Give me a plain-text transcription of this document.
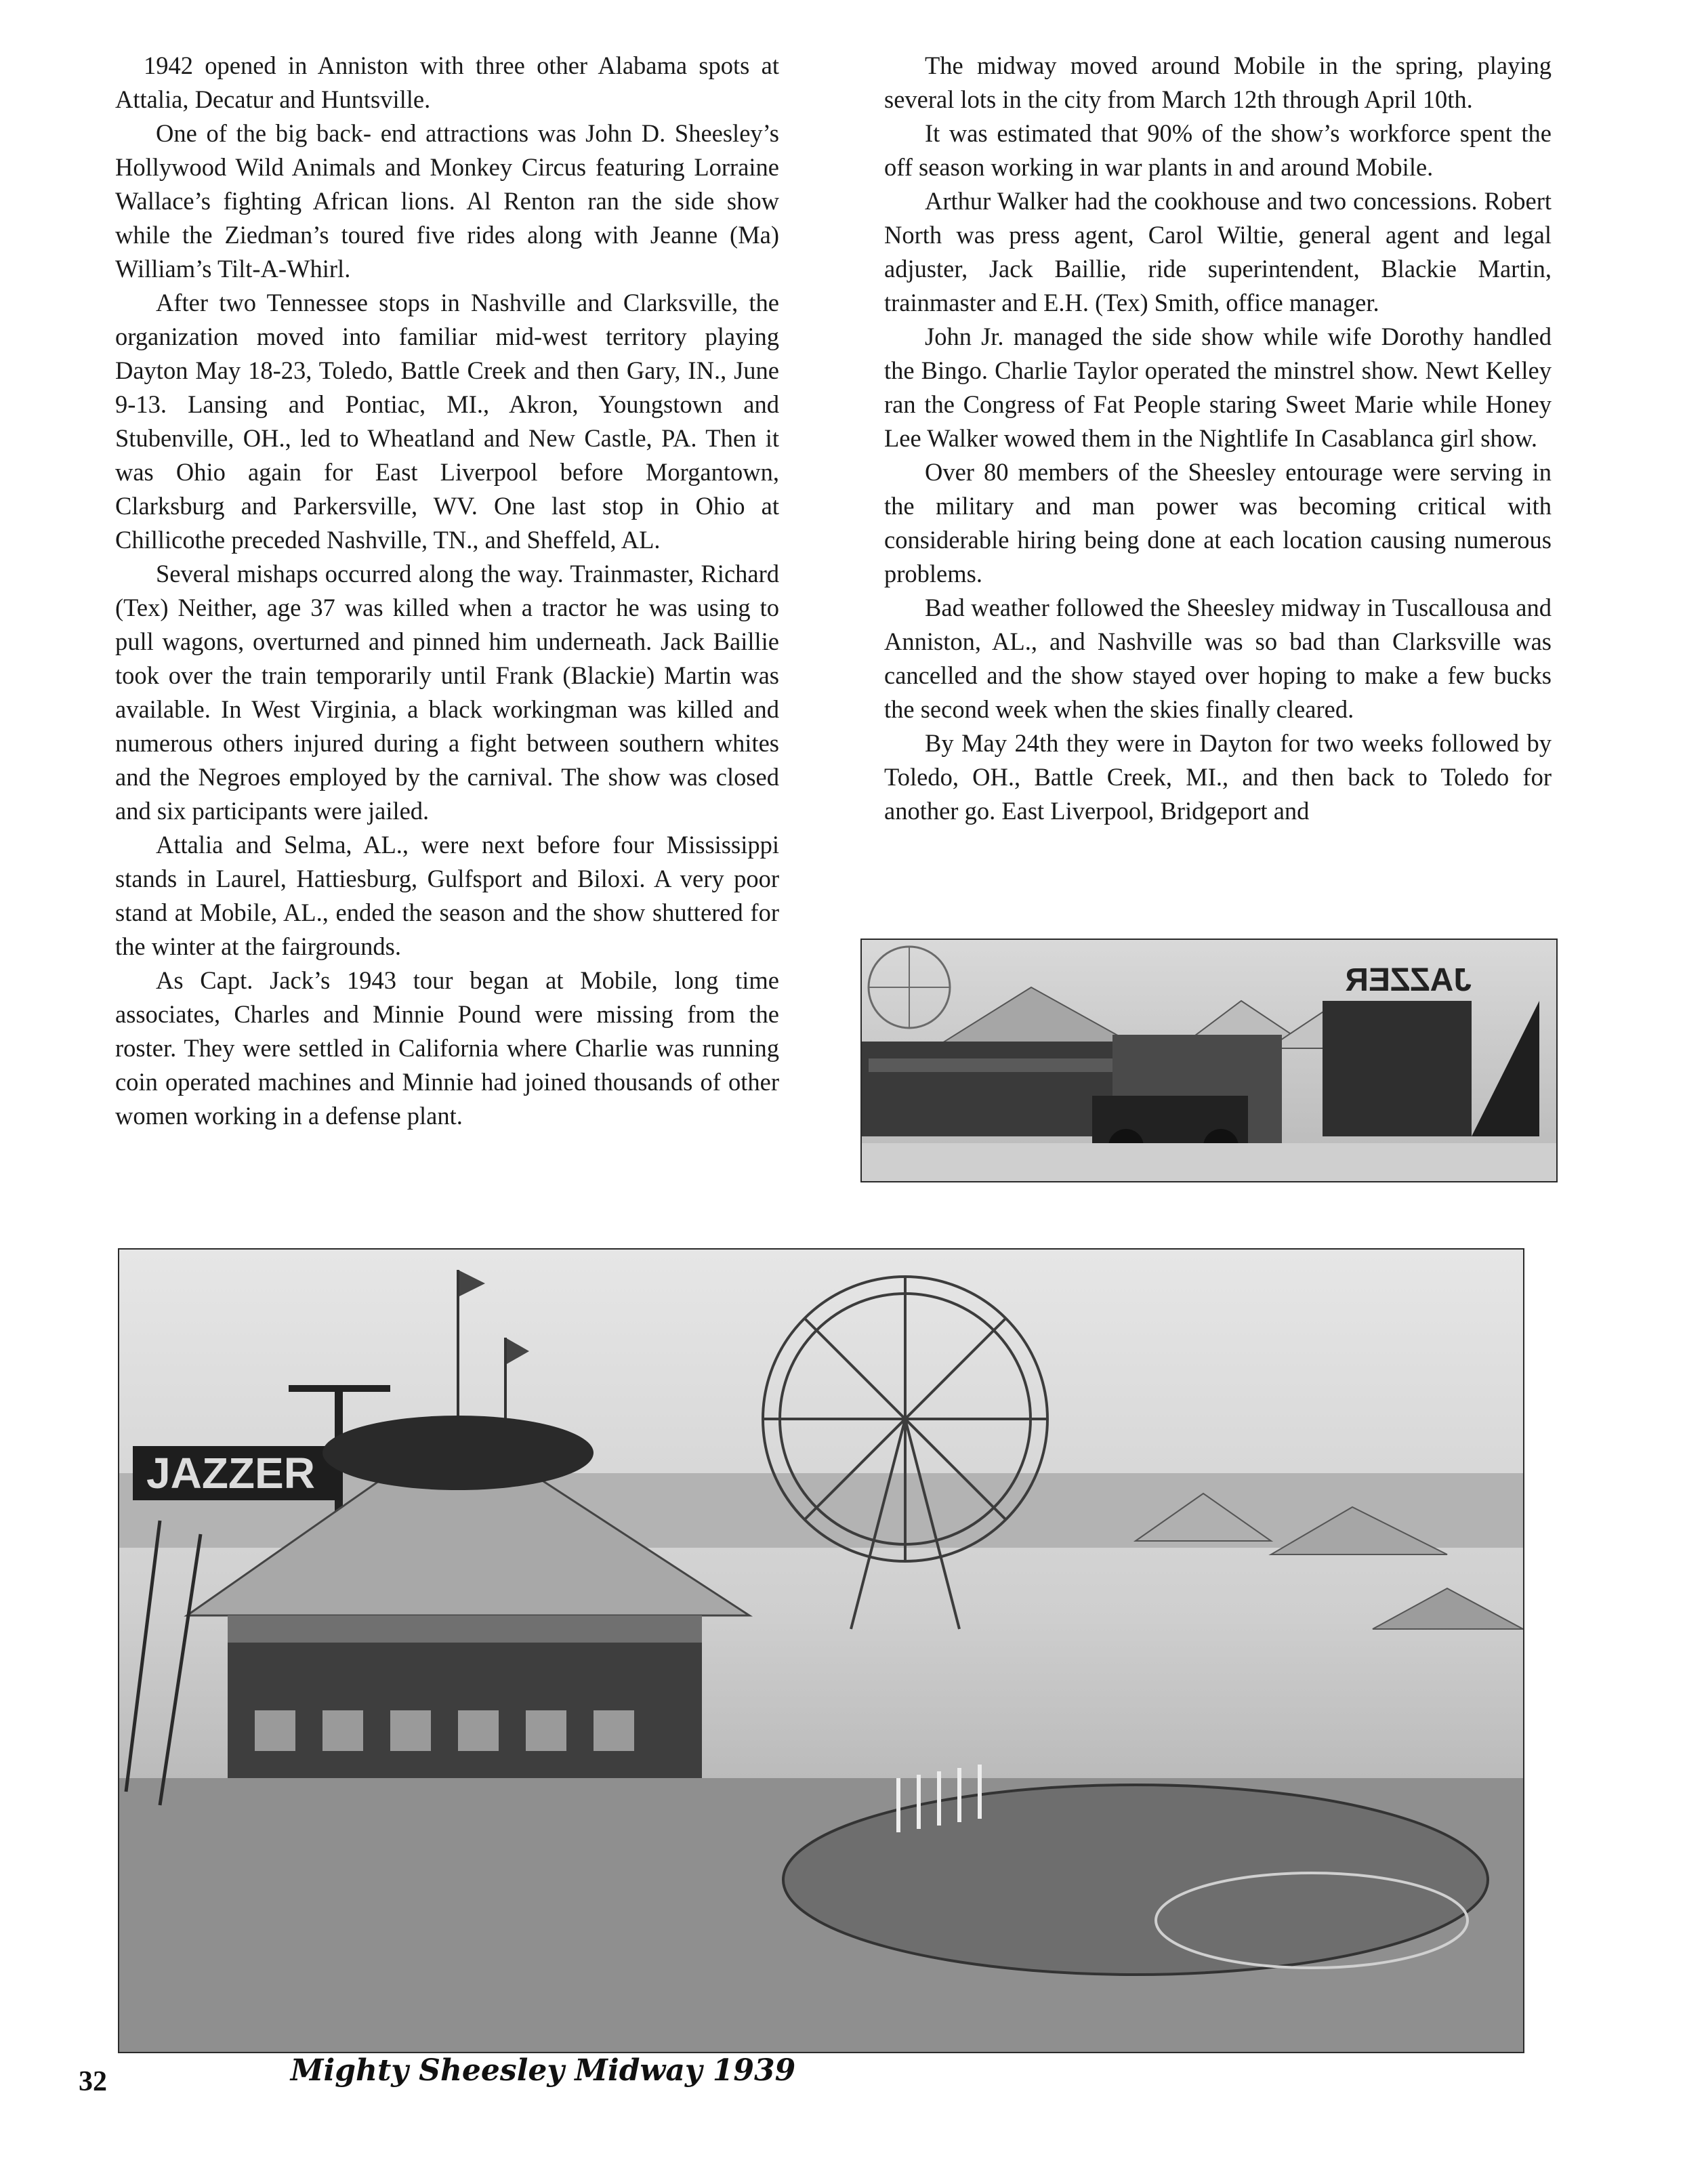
1942 opened in Anniston with three other Alabama spots at Attalia, Decatur and Huntsville.

One of the big back- end attractions was John D. Sheesley’s Hollywood Wild Animals and Monkey Circus featuring Lorraine Wallace’s fighting African lions. Al Renton ran the side show while the Ziedman’s toured five rides along with Jeanne (Ma) William’s Tilt-A-Whirl.

After two Tennessee stops in Nashville and Clarksville, the organization moved into familiar mid-west territory playing Dayton May 18-23, Toledo, Battle Creek and then Gary, IN., June 9-13. Lansing and Pontiac, MI., Akron, Youngstown and Stubenville, OH., led to Wheatland and New Castle, PA. Then it was Ohio again for East Liverpool before Morgantown, Clarksburg and Parkersville, WV. One last stop in Ohio at Chillicothe preceded Nashville, TN., and Sheffeld, AL.

Several mishaps occurred along the way. Trainmaster, Richard (Tex) Neither, age 37 was killed when a tractor he was using to pull wagons, overturned and pinned him underneath. Jack Baillie took over the train temporarily until Frank (Blackie) Martin was available. In West Virginia, a black workingman was killed and numerous others injured during a fight between southern whites and the Negroes employed by the carnival. The show was closed and six participants were jailed.

Attalia and Selma, AL., were next before four Mississippi stands in Laurel, Hattiesburg, Gulfsport and Biloxi. A very poor stand at Mobile, AL., ended the season and the show shuttered for the winter at the fairgrounds.

As Capt. Jack’s 1943 tour began at Mobile, long time associates, Charles and Minnie Pound were missing from the roster. They were settled in California where Charlie was running coin operated machines and Minnie had joined thousands of other women working in a defense plant.

The midway moved around Mobile in the spring, playing several lots in the city from March 12th through April 10th.

It was estimated that 90% of the show’s workforce spent the off season working in war plants in and around Mobile.

Arthur Walker had the cookhouse and two concessions. Robert North was press agent, Carol Wiltie, general agent and legal adjuster, Jack Baillie, ride superintendent, Blackie Martin, trainmaster and E.H. (Tex) Smith, office manager.

John Jr. managed the side show while wife Dorothy handled the Bingo. Charlie Taylor operated the minstrel show. Newt Kelley ran the Congress of Fat People staring Sweet Marie while Honey Lee Walker wowed them in the Nightlife In Casablanca girl show.

Over 80 members of the Sheesley entourage were serving in the military and man power was becoming critical with considerable hiring being done at each location causing numerous problems.

Bad weather followed the Sheesley midway in Tuscallousa and Anniston, AL., and Nashville was so bad than Clarksville was cancelled and the show stayed over hoping to make a few bucks the second week when the skies finally cleared.

By May 24th they were in Dayton for two weeks followed by Toledo, OH., Battle Creek, MI., and then back to Toledo for another go. East Liverpool, Bridgeport and

JAZZER
JAZZER
Mighty Sheesley Midway 1939
32
